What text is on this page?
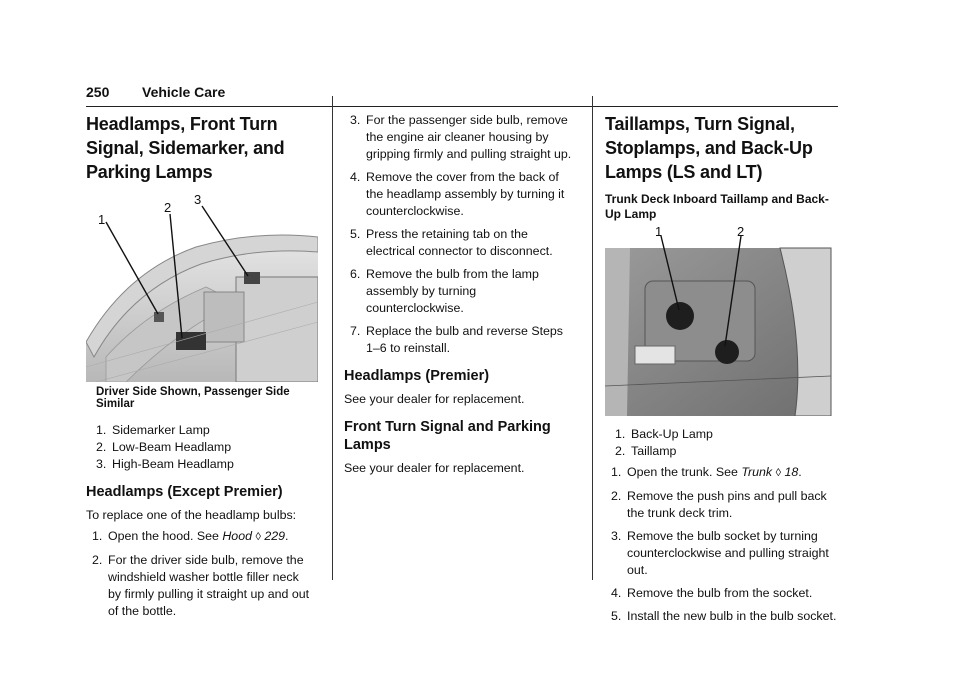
250 Vehicle Care
Headlamps, Front Turn Signal, Sidemarker, and Parking Lamps
1
2
3
Driver Side Shown, Passenger Side Similar
1. Sidemarker Lamp
2. Low-Beam Headlamp
3. High-Beam Headlamp
Headlamps (Except Premier)

To replace one of the headlamp bulbs:

1. Open the hood. See Hood ◊ 229.
2. For the driver side bulb, remove the windshield washer bottle filler neck by firmly pulling it straight up and out of the bottle.
3. For the passenger side bulb, remove the engine air cleaner housing by gripping firmly and pulling straight up.
4. Remove the cover from the back of the headlamp assembly by turning it counterclockwise.
5. Press the retaining tab on the electrical connector to disconnect.
6. Remove the bulb from the lamp assembly by turning counterclockwise.
7. Replace the bulb and reverse Steps 1–6 to reinstall.
Headlamps (Premier)

See your dealer for replacement.

Front Turn Signal and Parking Lamps

See your dealer for replacement.

Taillamps, Turn Signal, Stoplamps, and Back-Up Lamps (LS and LT)
Trunk Deck Inboard Taillamp and Back-Up Lamp
1	2
1. Back-Up Lamp
2. Taillamp
1. Open the trunk. See Trunk ◊ 18.
2. Remove the push pins and pull back the trunk deck trim.
3. Remove the bulb socket by turning counterclockwise and pulling straight out.
4. Remove the bulb from the socket.
5. Install the new bulb in the bulb socket.
